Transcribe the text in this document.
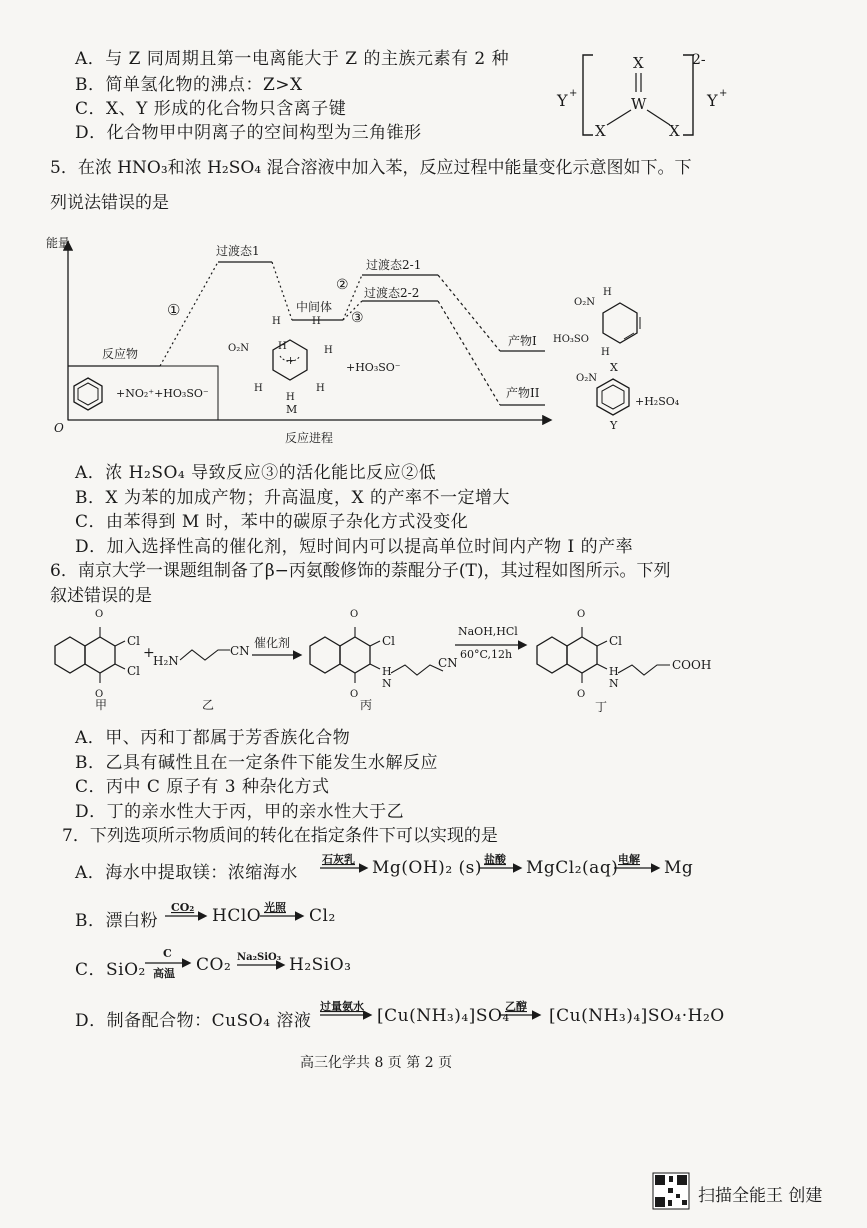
A．与 Z 同周期且第一电离能大于 Z 的主族元素有 2 种
B．简单氢化物的沸点：Z>X
C．X、Y 形成的化合物只含离子键
D．化合物甲中阴离子的空间构型为三角锥形
Y +
X
W
X	X
2-
Y +
5．在浓 HNO₃和浓 H₂SO₄ 混合溶液中加入苯，反应过程中能量变化示意图如下。下
列说法错误的是
能量
O
反应进程
反应物
①
过渡态1
中间体
②
③
过渡态2-1
过渡态2-2
产物I
产物II
+NO₂⁺+HO₃SO⁻
+
H	H
O₂N	H	H
H	H
H
M
+HO₃SO⁻
O₂N
H
HO₃SO
H
X
O₂N
+H₂SO₄
Y
A．浓 H₂SO₄ 导致反应③的活化能比反应②低
B．X 为苯的加成产物；升高温度，X 的产率不一定增大
C．由苯得到 M 时，苯中的碳原子杂化方式没变化
D．加入选择性高的催化剂，短时间内可以提高单位时间内产物 I 的产率
6．南京大学一课题组制备了β−丙氨酸修饰的萘醌分子(T)，其过程如图所示。下列
叙述错误的是
O
O
Cl
Cl
甲
+
H₂N
CN
乙
催化剂
O
O
Cl
H
N
CN
丙
NaOH,HCl
60°C,12h
O
O
Cl
H
N
COOH
丁
A．甲、丙和丁都属于芳香族化合物
B．乙具有碱性且在一定条件下能发生水解反应
C．丙中 C 原子有 3 种杂化方式
D．丁的亲水性大于丙，甲的亲水性大于乙
7．下列选项所示物质间的转化在指定条件下可以实现的是
A．海水中提取镁：浓缩海水
石灰乳 Mg(OH)₂ (s) 盐酸 MgCl₂(aq) 电解 Mg
B．漂白粉
CO₂ HClO 光照 Cl₂
C．SiO₂
C
高温 CO₂ Na₂SiO₃ H₂SiO₃
D．制备配合物：CuSO₄ 溶液
过量氨水 [Cu(NH₃)₄]SO₄
乙醇 [Cu(NH₃)₄]SO₄·H₂O
高三化学共 8 页 第 2 页
扫描全能王 创建
